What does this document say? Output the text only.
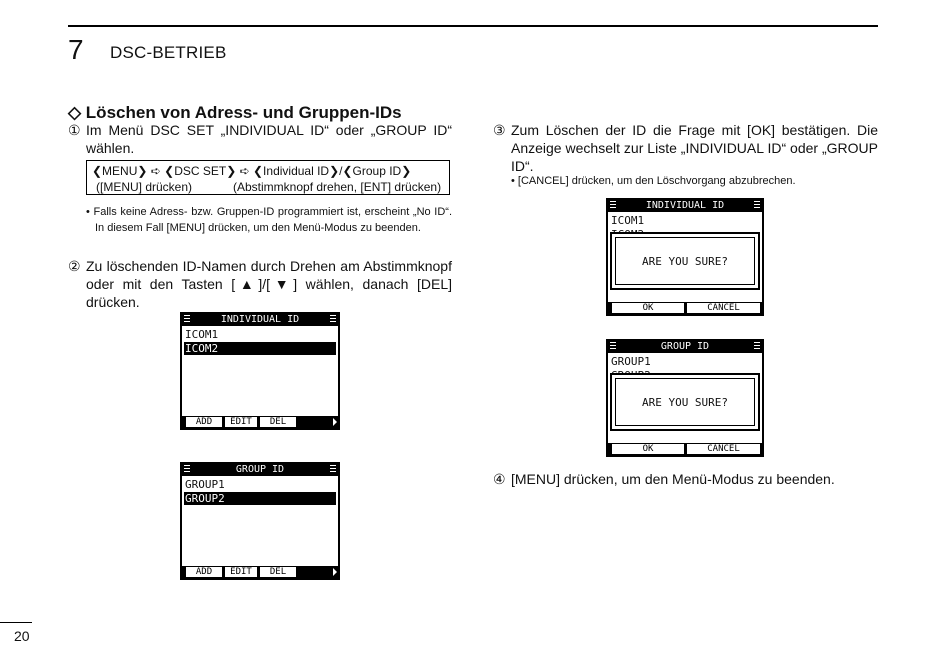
7 DSC-BETRIEB
◇ Löschen von Adress- und Gruppen-IDs
① Im Menü DSC SET „INDIVIDUAL ID“ oder „GROUP ID“ wählen.
❮MENU❯ ➪ ❮DSC SET❯ ➪ ❮Individual ID❯/❮Group ID❯
([MENU] drücken)	(Abstimmknopf drehen, [ENT] drücken)
• Falls keine Adress- bzw. Gruppen-ID programmiert ist, erscheint „No ID“. In diesem Fall [MENU] drücken, um den Menü-Modus zu beenden.
② Zu löschenden ID-Namen durch Drehen am Abstimmknopf oder mit den Tasten [▲]/[▼] wählen, danach [DEL] drücken.
INDIVIDUAL ID
ICOM1
ICOM2
ADD	EDIT	DEL
GROUP ID
GROUP1
GROUP2
ADD	EDIT	DEL
③ Zum Löschen der ID die Frage mit [OK] bestätigen. Die Anzeige wechselt zur Liste „INDIVIDUAL ID“ oder „GROUP ID“.
• [CANCEL] drücken, um den Löschvorgang abzubrechen.
INDIVIDUAL ID
ICOM1
ARE YOU SURE?
OK	CANCEL
GROUP ID
GROUP1
ARE YOU SURE?
OK	CANCEL
④ [MENU] drücken, um den Menü-Modus zu beenden.
20
